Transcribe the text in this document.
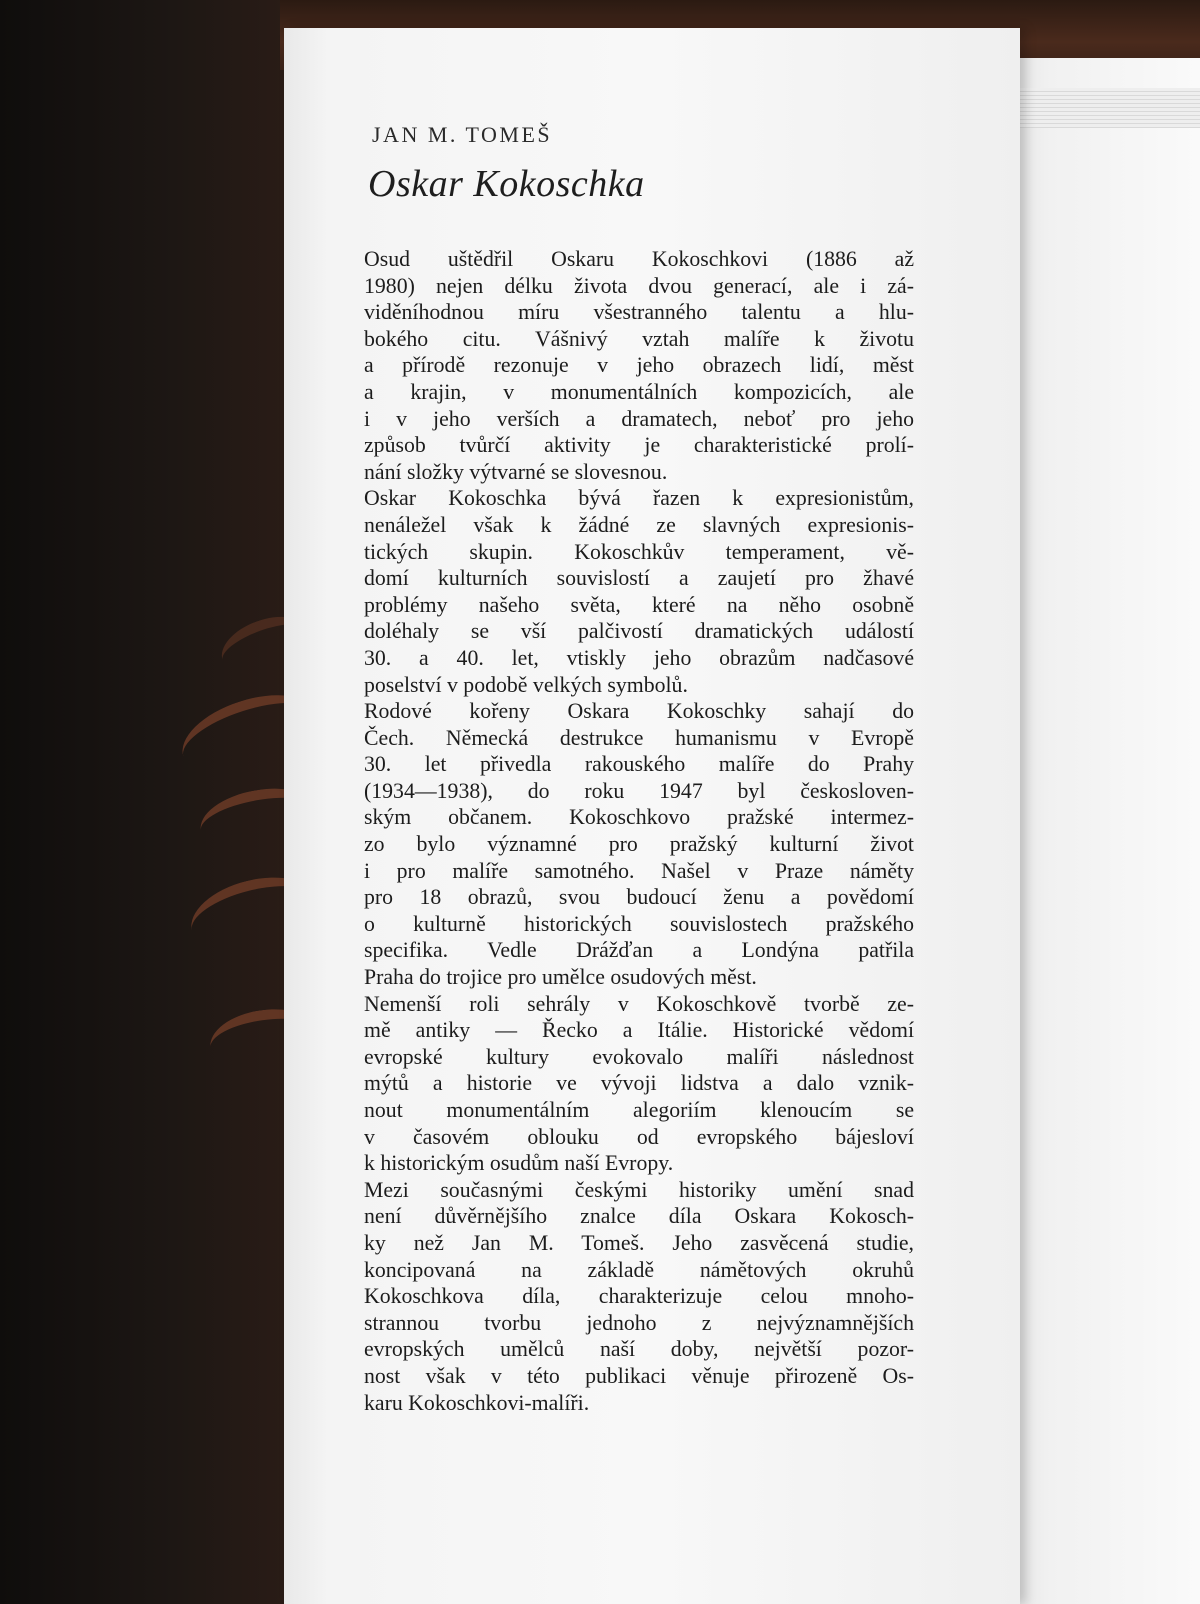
JAN M. TOMEŠ
Oskar Kokoschka
Osud uštědřil Oskaru Kokoschkovi (1886 až
1980) nejen délku života dvou generací, ale i zá-
viděníhodnou míru všestranného talentu a hlu-
bokého citu. Vášnivý vztah malíře k životu
a přírodě rezonuje v jeho obrazech lidí, měst
a krajin, v monumentálních kompozicích, ale
i v jeho verších a dramatech, neboť pro jeho
způsob tvůrčí aktivity je charakteristické prolí-
nání složky výtvarné se slovesnou.
Oskar Kokoschka bývá řazen k expresionistům,
nenáležel však k žádné ze slavných expresionis-
tických skupin. Kokoschkův temperament, vě-
domí kulturních souvislostí a zaujetí pro žhavé
problémy našeho světa, které na něho osobně
doléhaly se vší palčivostí dramatických událostí
30. a 40. let, vtiskly jeho obrazům nadčasové
poselství v podobě velkých symbolů.
Rodové kořeny Oskara Kokoschky sahají do
Čech. Německá destrukce humanismu v Evropě
30. let přivedla rakouského malíře do Prahy
(1934—1938), do roku 1947 byl českosloven-
ským občanem. Kokoschkovo pražské intermez-
zo bylo významné pro pražský kulturní život
i pro malíře samotného. Našel v Praze náměty
pro 18 obrazů, svou budoucí ženu a povědomí
o kulturně historických souvislostech pražského
specifika. Vedle Drážďan a Londýna patřila
Praha do trojice pro umělce osudových měst.
Nemenší roli sehrály v Kokoschkově tvorbě ze-
mě antiky — Řecko a Itálie. Historické vědomí
evropské kultury evokovalo malíři následnost
mýtů a historie ve vývoji lidstva a dalo vznik-
nout monumentálním alegoriím klenoucím se
v časovém oblouku od evropského bájesloví
k historickým osudům naší Evropy.
Mezi současnými českými historiky umění snad
není důvěrnějšího znalce díla Oskara Kokosch-
ky než Jan M. Tomeš. Jeho zasvěcená studie,
koncipovaná na základě námětových okruhů
Kokoschkova díla, charakterizuje celou mnoho-
strannou tvorbu jednoho z nejvýznamnějších
evropských umělců naší doby, největší pozor-
nost však v této publikaci věnuje přirozeně Os-
karu Kokoschkovi-malíři.
